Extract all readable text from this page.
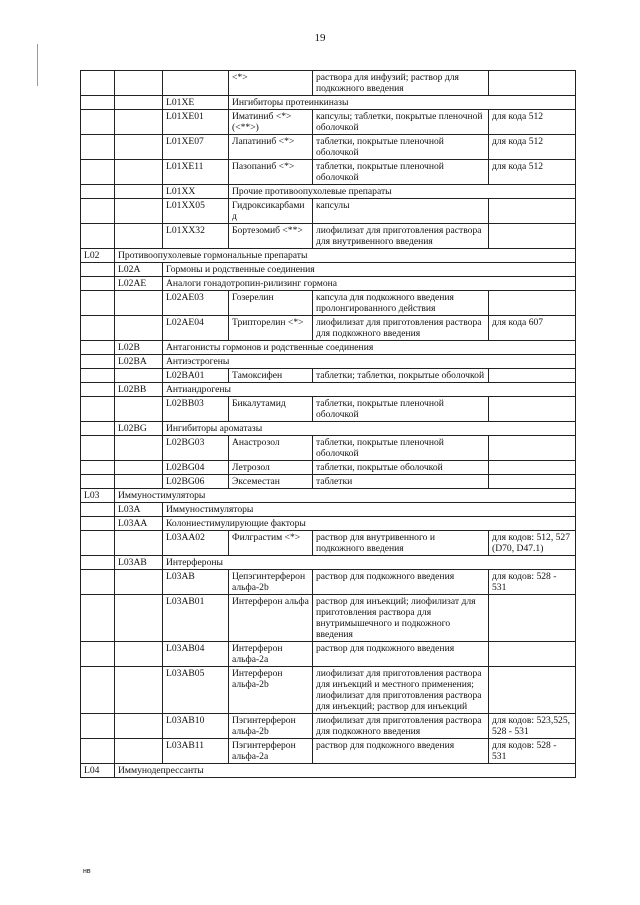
19
			<*>	раствора для инфузий; раствор для подкожного введения	
		L01XE	Ингибиторы протеинкиназы		
		L01XE01	Иматиниб <*> (<**>)	капсулы; таблетки, покрытые пленочной оболочкой	для кода 512
		L01XE07	Лапатиниб <*>	таблетки, покрытые пленочной оболочкой	для кода 512
		L01XE11	Пазопаниб <*>	таблетки, покрытые пленочной оболочкой	для кода 512
		L01XX	Прочие противоопухолевые препараты		
		L01XX05	Гидроксикарбамид	капсулы	
		L01XX32	Бортезомиб <**>	лиофилизат для приготовления раствора для внутривенного введения	
L02	Противоопухолевые гормональные препараты				
	L02A	Гормоны и родственные соединения			
	L02AE	Аналоги гонадотропин-рилизинг гормона			
		L02AE03	Гозерелин	капсула для подкожного введения пролонгированного действия	
		L02AE04	Трипторелин <*>	лиофилизат для приготовления раствора для подкожного введения	для кода 607
	L02B	Антагонисты гормонов и родственные соединения			
	L02BA	Антиэстрогены			
		L02BA01	Тамоксифен	таблетки; таблетки, покрытые оболочкой	
	L02BB	Антиандрогены			
		L02BB03	Бикалутамид	таблетки, покрытые пленочной оболочкой	
	L02BG	Ингибиторы ароматазы			
		L02BG03	Анастрозол	таблетки, покрытые пленочной оболочкой	
		L02BG04	Летрозол	таблетки, покрытые оболочкой	
		L02BG06	Эксеместан	таблетки	
L03	Иммуностимуляторы				
	L03A	Иммуностимуляторы			
	L03AA	Колониестимулирующие факторы			
		L03AA02	Филграстим <*>	раствор для внутривенного и подкожного введения	для кодов: 512, 527 (D70, D47.1)
	L03AB	Интерфероны			
		L03AB	Цепэгинтерферон альфа-2b	раствор для подкожного введения	для кодов: 528 - 531
		L03AB01	Интерферон альфа	раствор для инъекций; лиофилизат для приготовления раствора для внутримышечного и подкожного введения	
		L03AB04	Интерферон альфа-2а	раствор для подкожного введения	
		L03AB05	Интерферон альфа-2b	лиофилизат для приготовления раствора для инъекций и местного применения; лиофилизат для приготовления раствора для инъекций; раствор для инъекций	
		L03AB10	Пэгинтерферон альфа-2b	лиофилизат для приготовления раствора для подкожного введения	для кодов: 523,525, 528 - 531
		L03AB11	Пэгинтерферон альфа-2а	раствор для подкожного введения	для кодов: 528 - 531
L04	Иммунодепрессанты				
нв
